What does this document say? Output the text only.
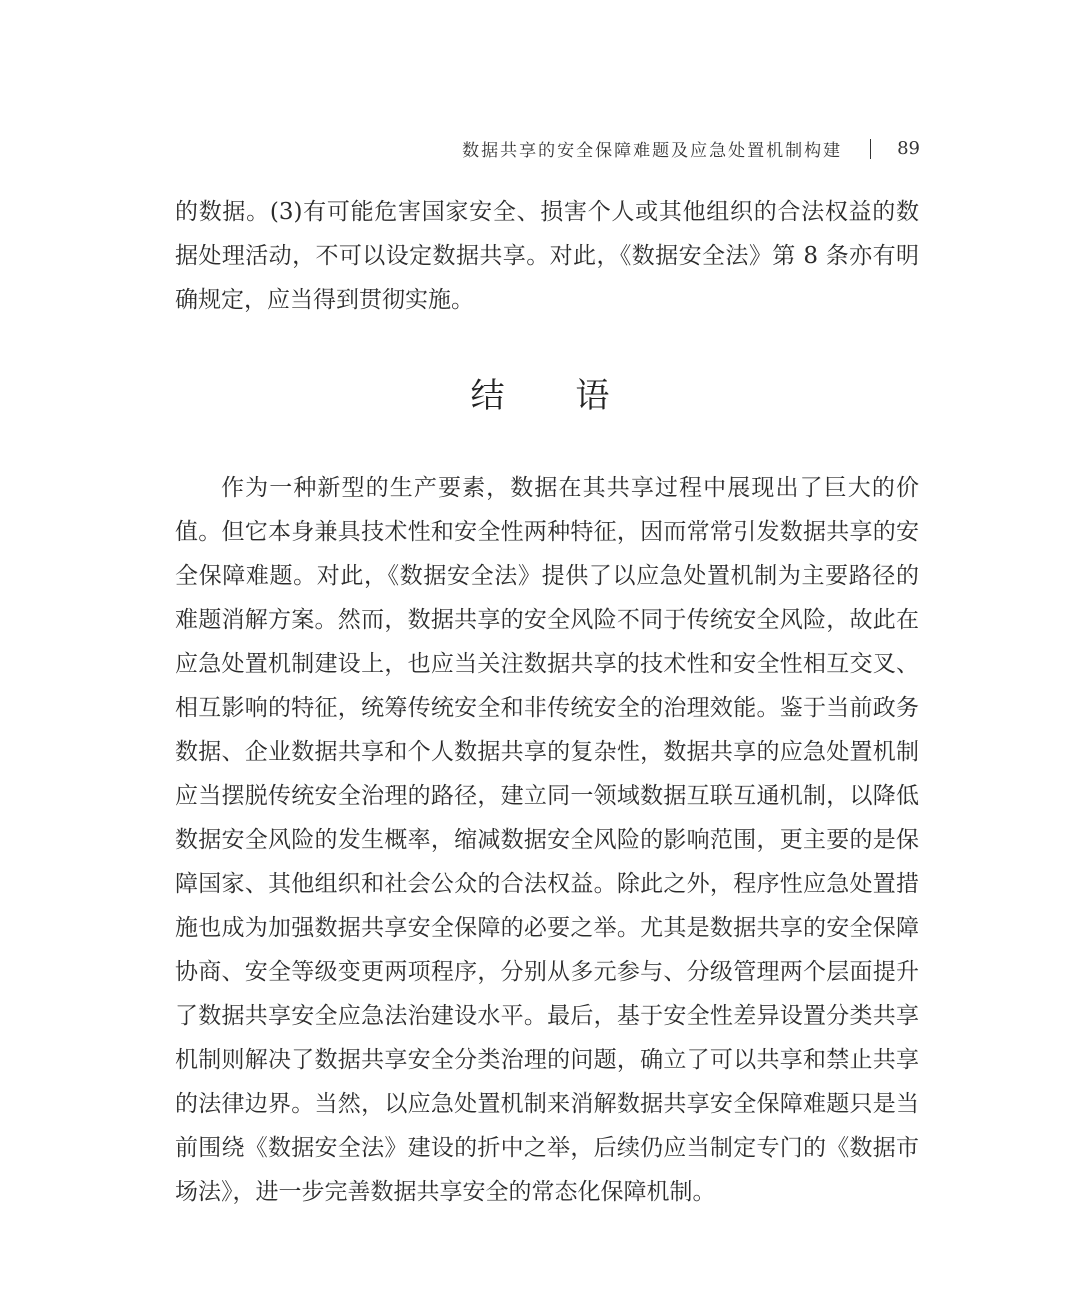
数据共享的安全保障难题及应急处置机制构建	89

的数据。(3)有可能危害国家安全、损害个人或其他组织的合法权益的数据处理活动，不可以设定数据共享。对此，《数据安全法》第 8 条亦有明确规定，应当得到贯彻实施。

结 语

作为一种新型的生产要素，数据在其共享过程中展现出了巨大的价值。但它本身兼具技术性和安全性两种特征，因而常常引发数据共享的安全保障难题。对此，《数据安全法》提供了以应急处置机制为主要路径的难题消解方案。然而，数据共享的安全风险不同于传统安全风险，故此在应急处置机制建设上，也应当关注数据共享的技术性和安全性相互交叉、相互影响的特征，统筹传统安全和非传统安全的治理效能。鉴于当前政务数据、企业数据共享和个人数据共享的复杂性，数据共享的应急处置机制应当摆脱传统安全治理的路径，建立同一领域数据互联互通机制，以降低数据安全风险的发生概率，缩减数据安全风险的影响范围，更主要的是保障国家、其他组织和社会公众的合法权益。除此之外，程序性应急处置措施也成为加强数据共享安全保障的必要之举。尤其是数据共享的安全保障协商、安全等级变更两项程序，分别从多元参与、分级管理两个层面提升了数据共享安全应急法治建设水平。最后，基于安全性差异设置分类共享机制则解决了数据共享安全分类治理的问题，确立了可以共享和禁止共享的法律边界。当然，以应急处置机制来消解数据共享安全保障难题只是当前围绕《数据安全法》建设的折中之举，后续仍应当制定专门的《数据市场法》，进一步完善数据共享安全的常态化保障机制。
